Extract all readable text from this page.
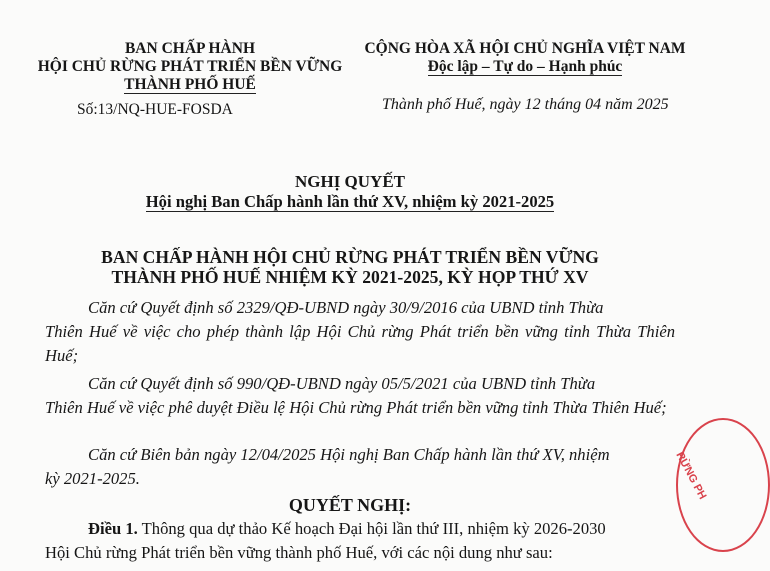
BAN CHẤP HÀNH
HỘI CHỦ RỪNG PHÁT TRIỂN BỀN VỮNG
THÀNH PHỐ HUẾ
Số:13/NQ-HUE-FOSDA
CỘNG HÒA XÃ HỘI CHỦ NGHĨA VIỆT NAM
Độc lập – Tự do – Hạnh phúc
Thành phố Huế, ngày 12 tháng 04 năm 2025
NGHỊ QUYẾT
Hội nghị Ban Chấp hành lần thứ XV, nhiệm kỳ 2021-2025
BAN CHẤP HÀNH HỘI CHỦ RỪNG PHÁT TRIỂN BỀN VỮNG
THÀNH PHỐ HUẾ NHIỆM KỲ 2021-2025, KỲ HỌP THỨ XV
Căn cứ Quyết định số 2329/QĐ-UBND ngày 30/9/2016 của UBND tỉnh Thừa
Thiên Huế về việc cho phép thành lập Hội Chủ rừng Phát triển bền vững tỉnh Thừa Thiên Huế;
Căn cứ Quyết định số 990/QĐ-UBND ngày 05/5/2021 của UBND tỉnh Thừa
Thiên Huế về việc phê duyệt Điều lệ Hội Chủ rừng Phát triển bền vững tỉnh Thừa Thiên Huế;
Căn cứ Biên bản ngày 12/04/2025 Hội nghị Ban Chấp hành lần thứ XV, nhiệm
kỳ 2021-2025.
QUYẾT NGHỊ:
Điều 1. Thông qua dự thảo Kế hoạch Đại hội lần thứ III, nhiệm kỳ 2026-2030
Hội Chủ rừng Phát triển bền vững thành phố Huế, với các nội dung như sau:
RỪNG PH
